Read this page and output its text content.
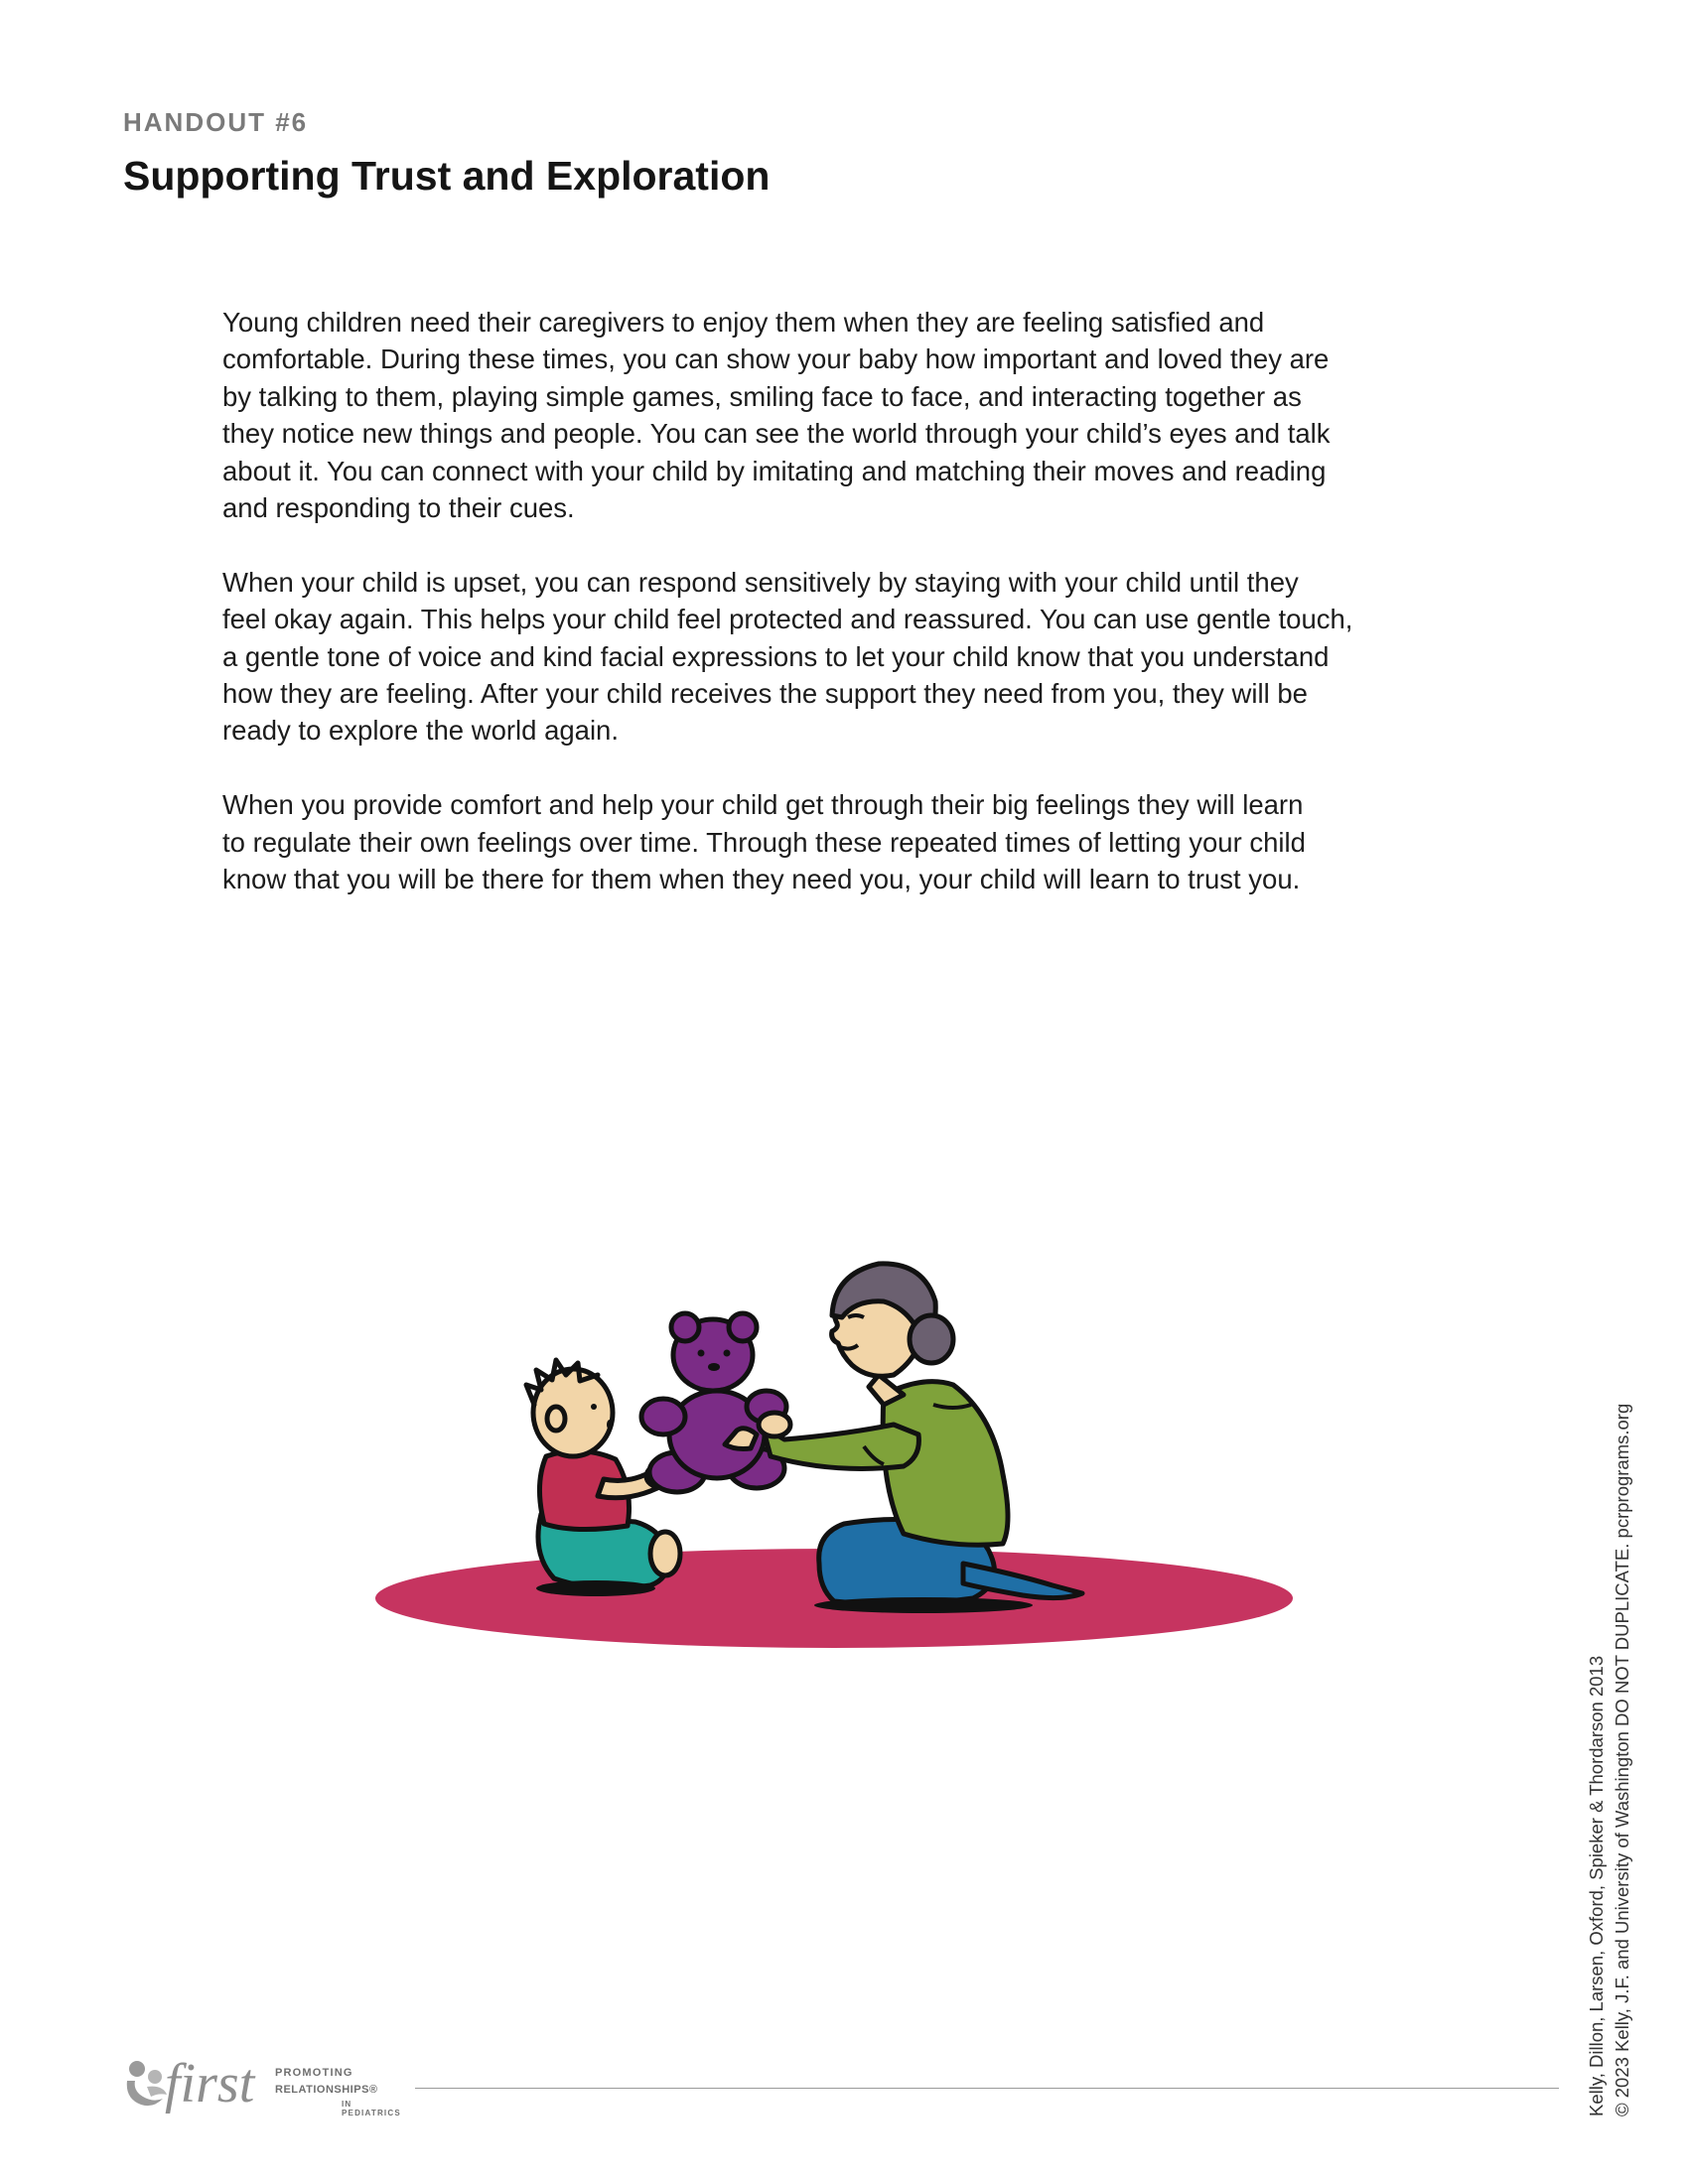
HANDOUT #6
Supporting Trust and Exploration

Young children need their caregivers to enjoy them when they are feeling satisfied and
comfortable. During these times, you can show your baby how important and loved they are
by talking to them, playing simple games, smiling face to face, and interacting together as
they notice new things and people. You can see the world through your child’s eyes and talk
about it. You can connect with your child by imitating and matching their moves and reading
and responding to their cues.

When your child is upset, you can respond sensitively by staying with your child until they
feel okay again. This helps your child feel protected and reassured. You can use gentle touch,
a gentle tone of voice and kind facial expressions to let your child know that you understand
how they are feeling. After your child receives the support they need from you, they will be
ready to explore the world again.

When you provide comfort and help your child get through their big feelings they will learn
to regulate their own feelings over time. Through these repeated times of letting your child
know that you will be there for them when they need you, your child will learn to trust you.

Kelly, Dillon, Larsen, Oxford, Spieker & Thordarson 2013 © 2023 Kelly, J.F. and University of Washington DO NOT DUPLICATE. pcrprograms.org
first PROMOTING
RELATIONSHIPS®
IN PEDIATRICS
